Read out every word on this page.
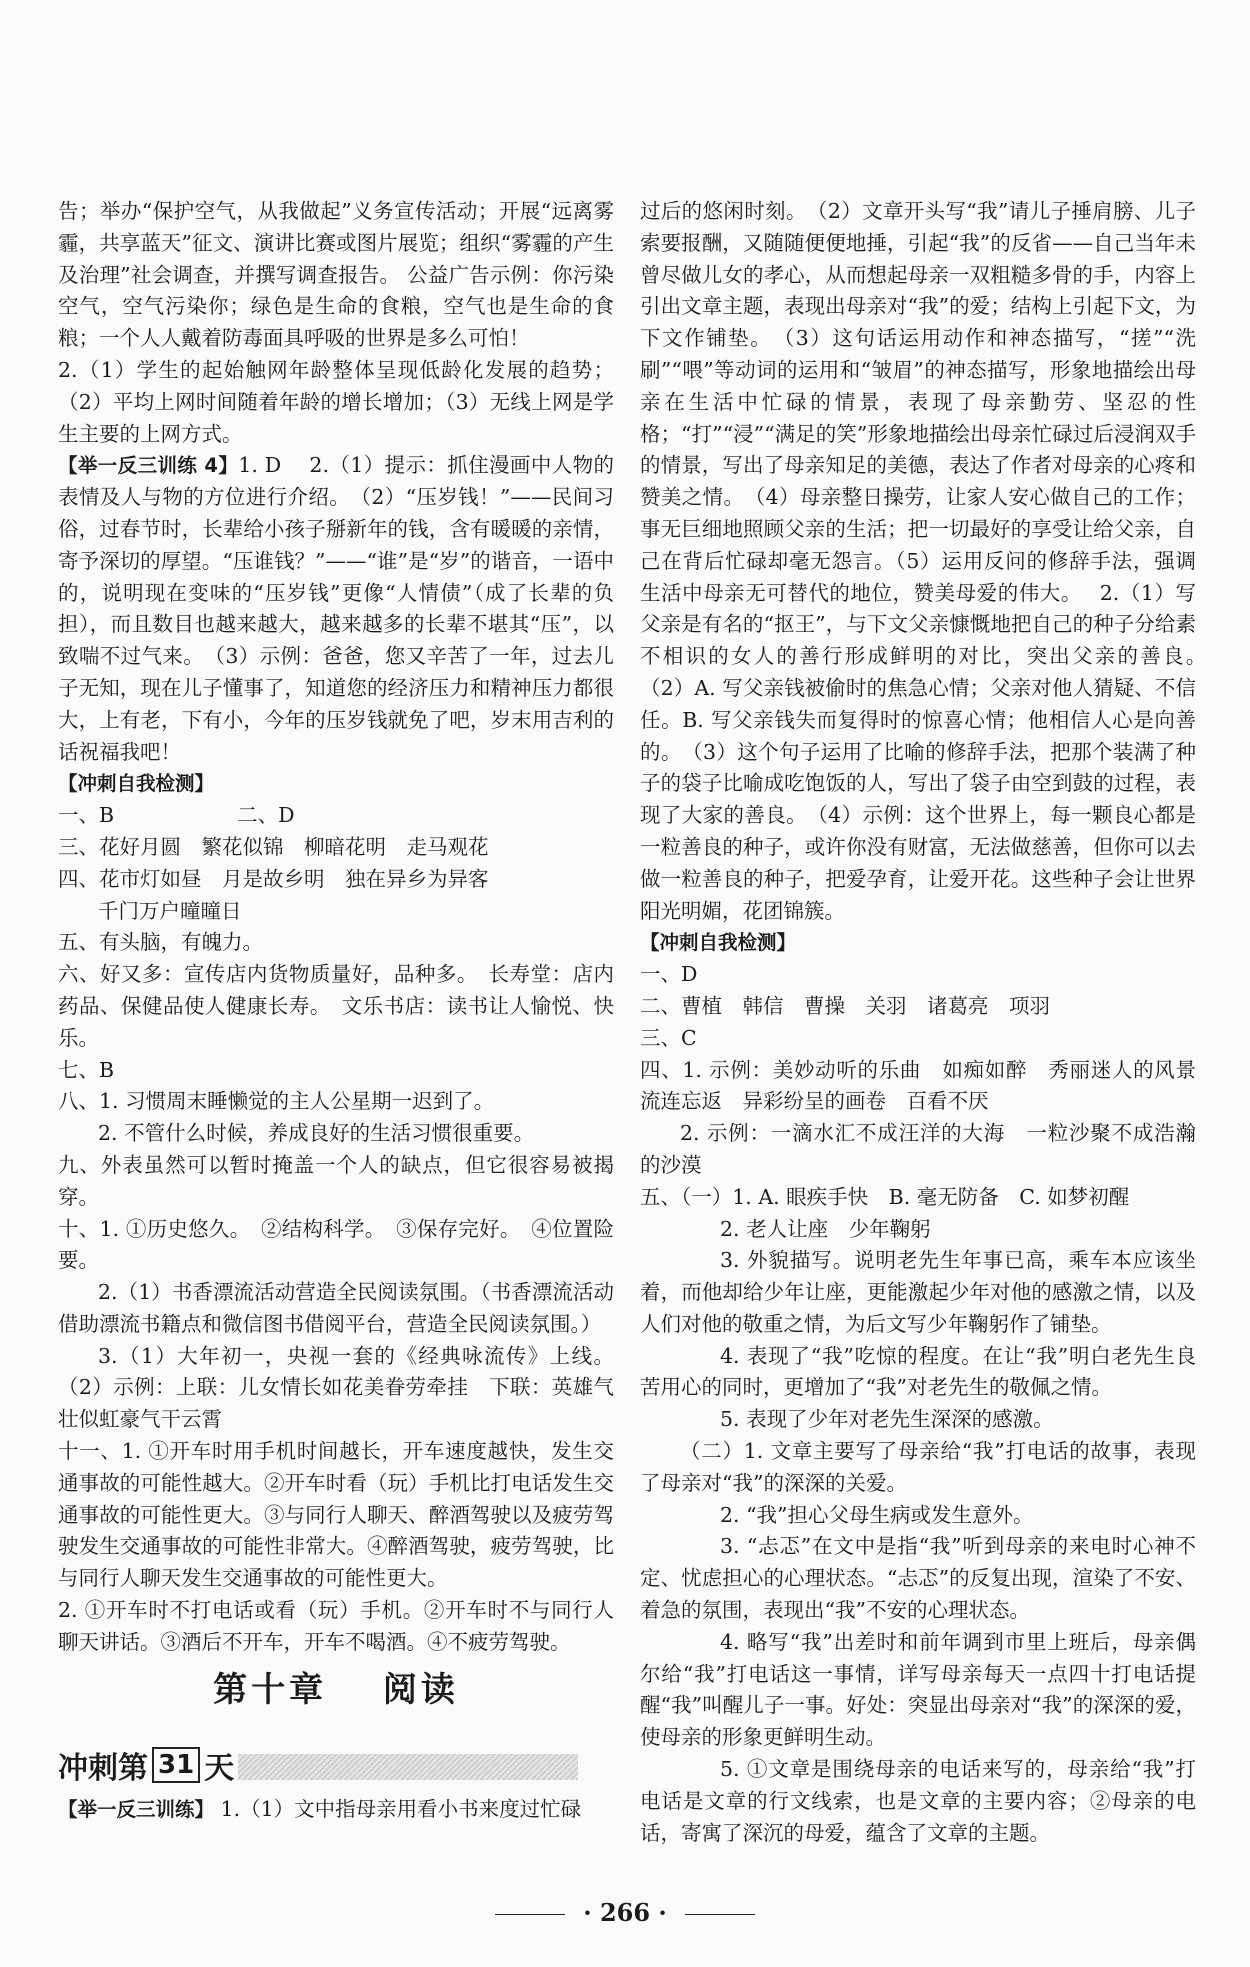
告；举办“保护空气，从我做起”义务宣传活动；开展“远离雾霾，共享蓝天”征文、演讲比赛或图片展览；组织“雾霾的产生及治理”社会调查，并撰写调查报告。 公益广告示例：你污染空气，空气污染你；绿色是生命的食粮，空气也是生命的食粮；一个人人戴着防毒面具呼吸的世界是多么可怕！

2.（1）学生的起始触网年龄整体呈现低龄化发展的趋势；（2）平均上网时间随着年龄的增长增加；（3）无线上网是学生主要的上网方式。

【举一反三训练 4】1. D　 2.（1）提示：抓住漫画中人物的表情及人与物的方位进行介绍。　（2）“压岁钱！”——民间习俗，过春节时，长辈给小孩子掰新年的钱，含有暖暖的亲情，寄予深切的厚望。“压谁钱？”——“谁”是“岁”的谐音，一语中的，说明现在变味的“压岁钱”更像“人情债”（成了长辈的负担），而且数目也越来越大，越来越多的长辈不堪其“压”，以致喘不过气来。　（3）示例：爸爸，您又辛苦了一年，过去儿子无知，现在儿子懂事了，知道您的经济压力和精神压力都很大，上有老，下有小，今年的压岁钱就免了吧，岁末用吉利的话祝福我吧！

【冲刺自我检测】

一、B　　　　　　二、D

三、花好月圆　繁花似锦　柳暗花明　走马观花

四、花市灯如昼　月是故乡明　独在异乡为异客

千门万户曈曈日

五、有头脑，有魄力。

六、好又多：宣传店内货物质量好，品种多。　长寿堂：店内药品、保健品使人健康长寿。　文乐书店：读书让人愉悦、快乐。

七、B

八、1. 习惯周末睡懒觉的主人公星期一迟到了。

2. 不管什么时候，养成良好的生活习惯很重要。

九、外表虽然可以暂时掩盖一个人的缺点，但它很容易被揭穿。

十、1. ①历史悠久。　②结构科学。　③保存完好。　④位置险要。

2.（1）书香漂流活动营造全民阅读氛围。（书香漂流活动借助漂流书籍点和微信图书借阅平台，营造全民阅读氛围。）

3.（1）大年初一，央视一套的《经典咏流传》上线。（2）示例：上联：儿女情长如花美眷劳牵挂　下联：英雄气壮似虹豪气干云霄

十一、1. ①开车时用手机时间越长，开车速度越快，发生交通事故的可能性越大。②开车时看（玩）手机比打电话发生交通事故的可能性更大。③与同行人聊天、醉酒驾驶以及疲劳驾驶发生交通事故的可能性非常大。④醉酒驾驶，疲劳驾驶，比与同行人聊天发生交通事故的可能性更大。

2. ①开车时不打电话或看（玩）手机。②开车时不与同行人聊天讲话。③酒后不开车，开车不喝酒。④不疲劳驾驶。

过后的悠闲时刻。　（2）文章开头写“我”请儿子捶肩膀、儿子索要报酬，又随随便便地捶，引起“我”的反省——自己当年未曾尽做儿女的孝心，从而想起母亲一双粗糙多骨的手，内容上引出文章主题，表现出母亲对“我”的爱；结构上引起下文，为下文作铺垫。　（3）这句话运用动作和神态描写，“搓”“洗刷”“喂”等动词的运用和“皱眉”的神态描写，形象地描绘出母亲在生活中忙碌的情景，表现了母亲勤劳、坚忍的性格；“打”“浸”“满足的笑”形象地描绘出母亲忙碌过后浸润双手的情景，写出了母亲知足的美德，表达了作者对母亲的心疼和赞美之情。　（4）母亲整日操劳，让家人安心做自己的工作；事无巨细地照顾父亲的生活；把一切最好的享受让给父亲，自己在背后忙碌却毫无怨言。（5）运用反问的修辞手法，强调生活中母亲无可替代的地位，赞美母爱的伟大。　 2.（1）写父亲是有名的“抠王”，与下文父亲慷慨地把自己的种子分给素不相识的女人的善行形成鲜明的对比，突出父亲的善良。　（2）A. 写父亲钱被偷时的焦急心情；父亲对他人猜疑、不信任。B. 写父亲钱失而复得时的惊喜心情；他相信人心是向善的。　（3）这个句子运用了比喻的修辞手法，把那个装满了种子的袋子比喻成吃饱饭的人，写出了袋子由空到鼓的过程，表现了大家的善良。　（4）示例：这个世界上，每一颗良心都是一粒善良的种子，或许你没有财富，无法做慈善，但你可以去做一粒善良的种子，把爱孕育，让爱开花。这些种子会让世界阳光明媚，花团锦簇。

【冲刺自我检测】

一、D

二、曹植　韩信　曹操　关羽　诸葛亮　项羽

三、C

四、1. 示例：美妙动听的乐曲　如痴如醉　秀丽迷人的风景　流连忘返　异彩纷呈的画卷　百看不厌

2. 示例：一滴水汇不成汪洋的大海　一粒沙聚不成浩瀚的沙漠

五、（一）1. A. 眼疾手快　B. 毫无防备　C. 如梦初醒

2. 老人让座　少年鞠躬

3. 外貌描写。说明老先生年事已高，乘车本应该坐着，而他却给少年让座，更能激起少年对他的感激之情，以及人们对他的敬重之情，为后文写少年鞠躬作了铺垫。

4. 表现了“我”吃惊的程度。在让“我”明白老先生良苦用心的同时，更增加了“我”对老先生的敬佩之情。

5. 表现了少年对老先生深深的感激。

（二）1. 文章主要写了母亲给“我”打电话的故事，表现了母亲对“我”的深深的关爱。

2. “我”担心父母生病或发生意外。

3. “忐忑”在文中是指“我”听到母亲的来电时心神不定、忧虑担心的心理状态。“忐忑”的反复出现，渲染了不安、着急的氛围，表现出“我”不安的心理状态。

4. 略写“我”出差时和前年调到市里上班后，母亲偶尔给“我”打电话这一事情，详写母亲每天一点四十打电话提醒“我”叫醒儿子一事。好处：突显出母亲对“我”的深深的爱，使母亲的形象更鲜明生动。

5. ①文章是围绕母亲的电话来写的，母亲给“我”打电话是文章的行文线索，也是文章的主要内容；②母亲的电话，寄寓了深沉的母爱，蕴含了文章的主题。

第十章 阅读
冲刺第 31 天
【举一反三训练】 1.（1）文中指母亲用看小书来度过忙碌
· 266 ·
